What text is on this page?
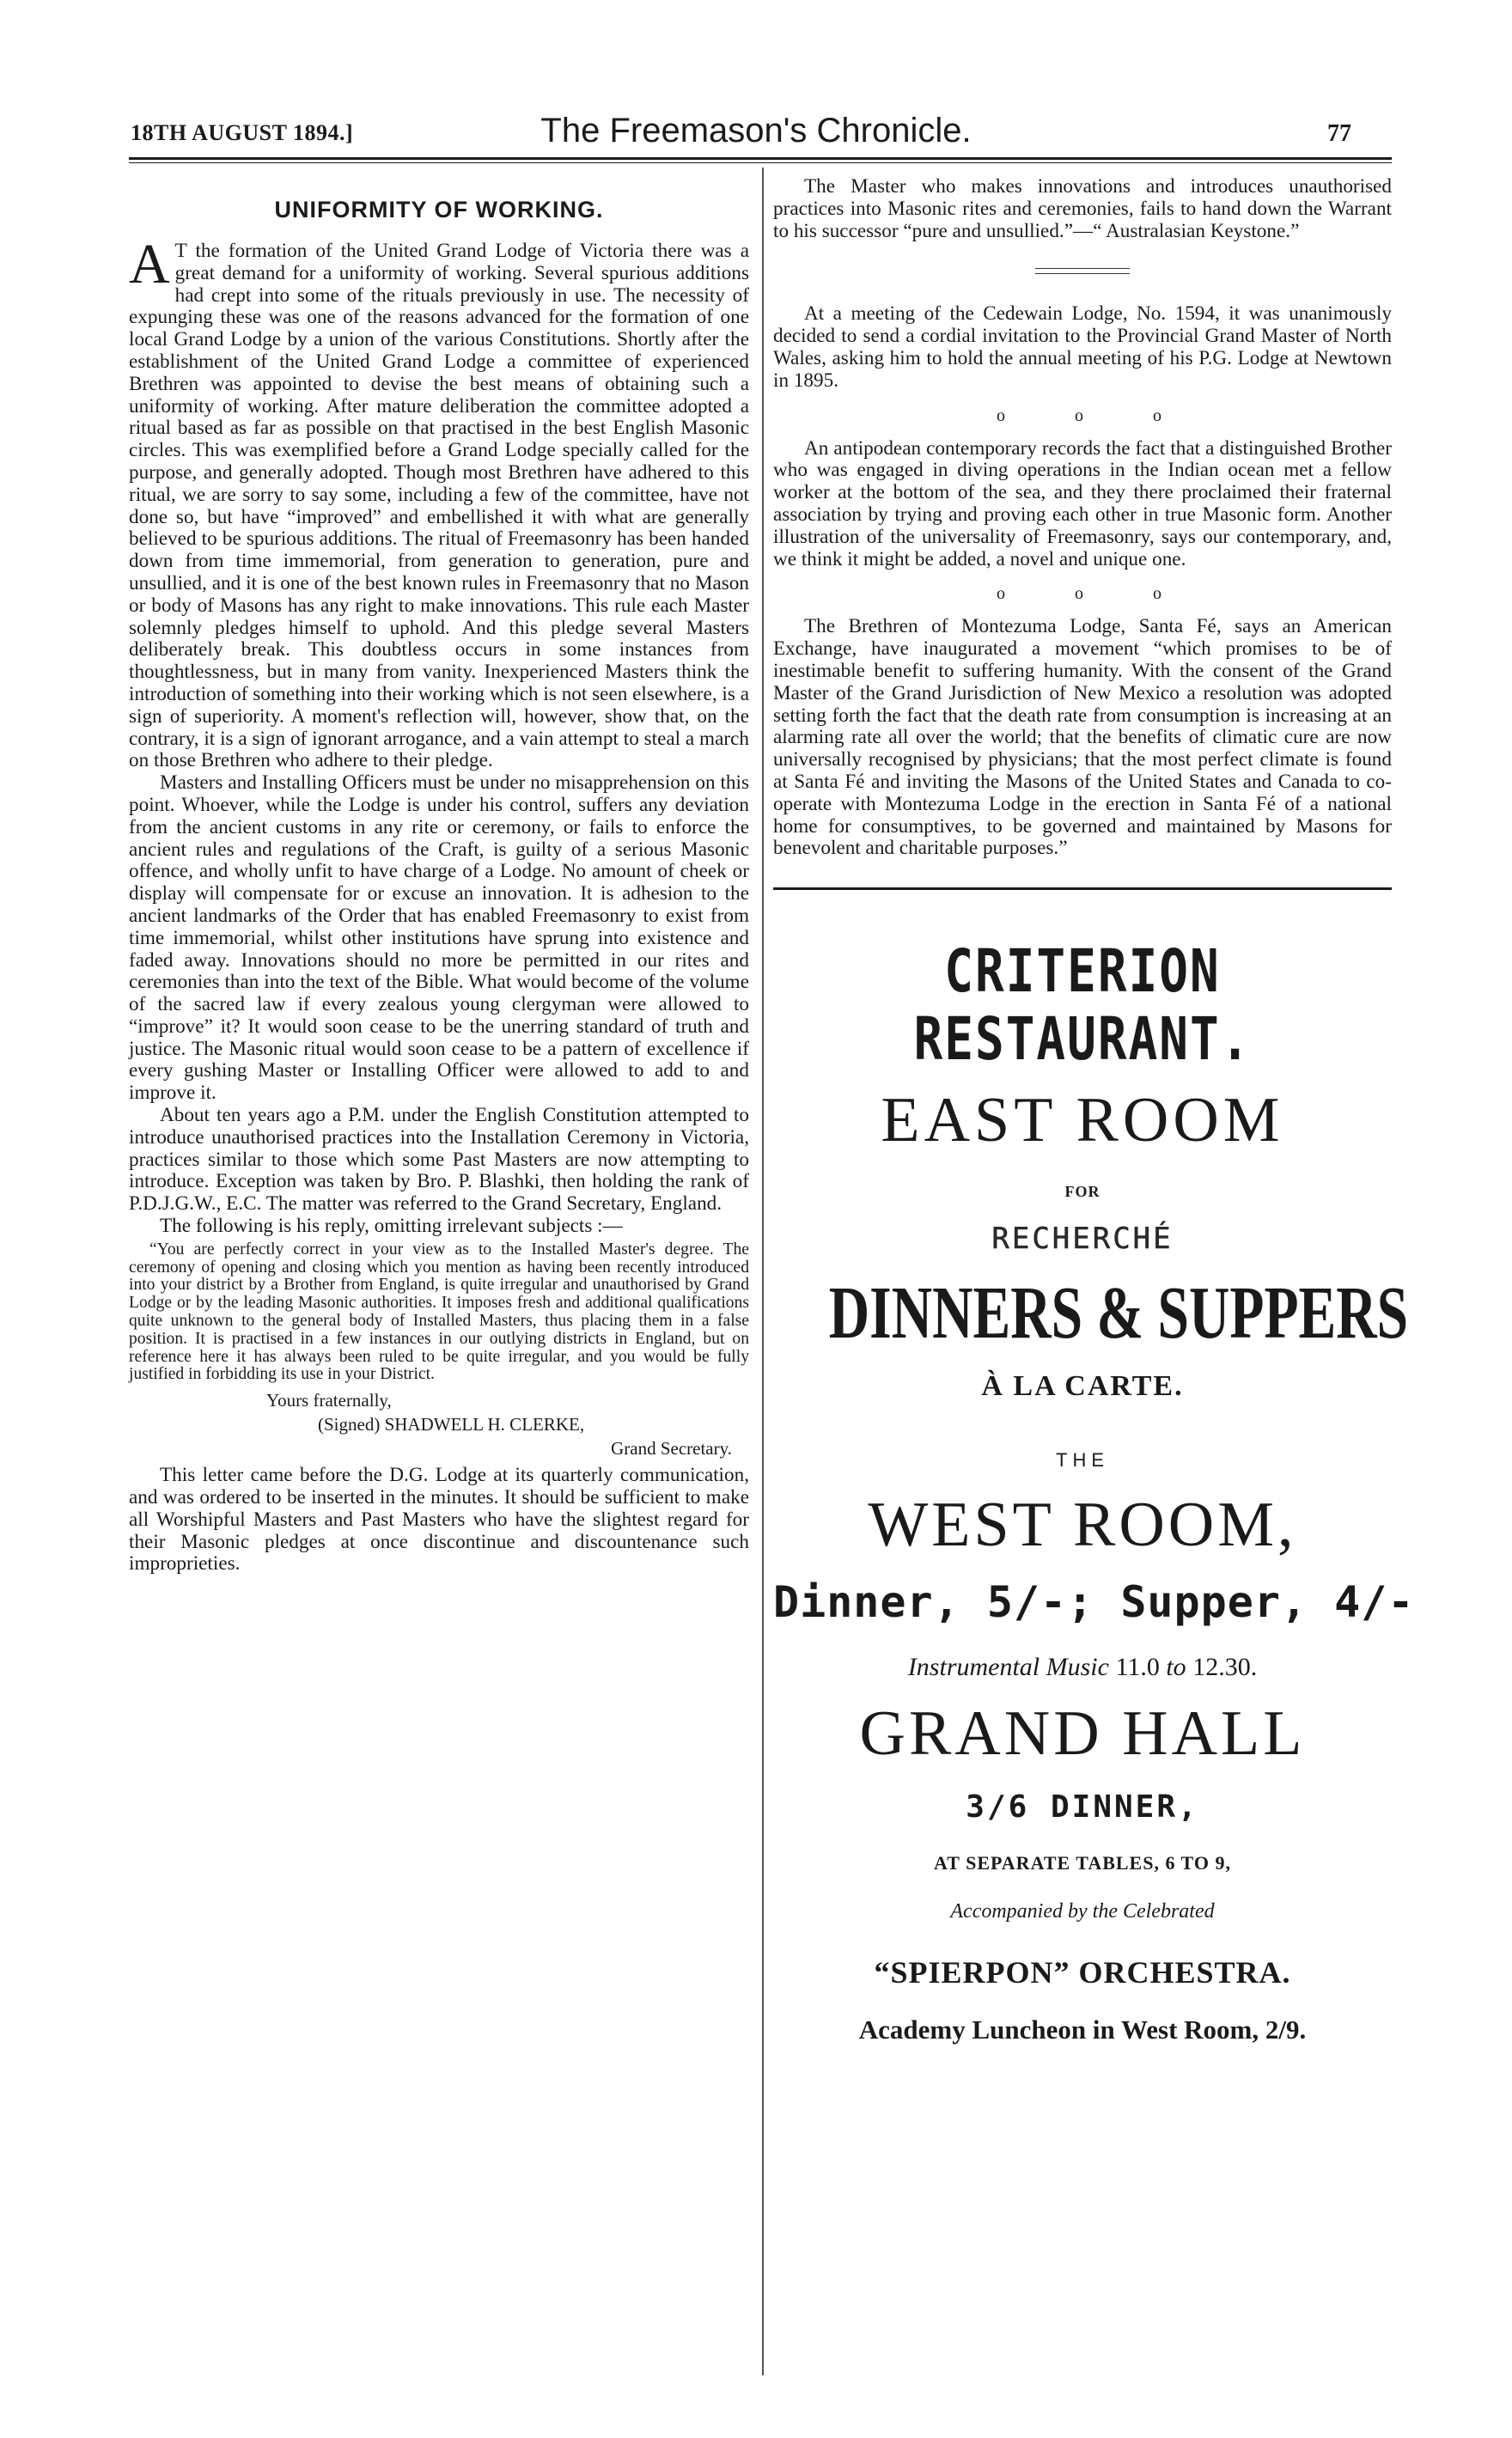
18TH AUGUST 1894.]	The Freemason's Chronicle.	77
UNIFORMITY OF WORKING.

A T the formation of the United Grand Lodge of Victoria there was a great demand for a uniformity of working. Several spurious additions had crept into some of the rituals previously in use. The necessity of expunging these was one of the reasons advanced for the formation of one local Grand Lodge by a union of the various Constitutions. Shortly after the establishment of the United Grand Lodge a committee of experienced Brethren was appointed to devise the best means of obtaining such a uniformity of working. After mature deliberation the committee adopted a ritual based as far as possible on that practised in the best English Masonic circles. This was exemplified before a Grand Lodge specially called for the purpose, and generally adopted. Though most Brethren have adhered to this ritual, we are sorry to say some, including a few of the committee, have not done so, but have “improved” and embellished it with what are generally believed to be spurious additions. The ritual of Freemasonry has been handed down from time immemorial, from generation to generation, pure and unsullied, and it is one of the best known rules in Freemasonry that no Mason or body of Masons has any right to make innovations. This rule each Master solemnly pledges himself to uphold. And this pledge several Masters deliberately break. This doubtless occurs in some instances from thoughtlessness, but in many from vanity. Inexperienced Masters think the introduction of something into their working which is not seen elsewhere, is a sign of superiority. A moment's reflection will, however, show that, on the contrary, it is a sign of ignorant arrogance, and a vain attempt to steal a march on those Brethren who adhere to their pledge.

Masters and Installing Officers must be under no misapprehension on this point. Whoever, while the Lodge is under his control, suffers any deviation from the ancient customs in any rite or ceremony, or fails to enforce the ancient rules and regulations of the Craft, is guilty of a serious Masonic offence, and wholly unfit to have charge of a Lodge. No amount of cheek or display will compensate for or excuse an innovation. It is adhesion to the ancient landmarks of the Order that has enabled Freemasonry to exist from time immemorial, whilst other institutions have sprung into existence and faded away. Innovations should no more be permitted in our rites and ceremonies than into the text of the Bible. What would become of the volume of the sacred law if every zealous young clergyman were allowed to “improve” it? It would soon cease to be the unerring standard of truth and justice. The Masonic ritual would soon cease to be a pattern of excellence if every gushing Master or Installing Officer were allowed to add to and improve it.

About ten years ago a P.M. under the English Constitution attempted to introduce unauthorised practices into the Installation Ceremony in Victoria, practices similar to those which some Past Masters are now attempting to introduce. Exception was taken by Bro. P. Blashki, then holding the rank of P.D.J.G.W., E.C. The matter was referred to the Grand Secretary, England.

The following is his reply, omitting irrelevant subjects :—

“You are perfectly correct in your view as to the Installed Master's degree. The ceremony of opening and closing which you mention as having been recently introduced into your district by a Brother from England, is quite irregular and unauthorised by Grand Lodge or by the leading Masonic authorities. It imposes fresh and additional qualifications quite unknown to the general body of Installed Masters, thus placing them in a false position. It is practised in a few instances in our outlying districts in England, but on reference here it has always been ruled to be quite irregular, and you would be fully justified in forbidding its use in your District.

Yours fraternally,
(Signed) SHADWELL H. CLERKE,
Grand Secretary.

This letter came before the D.G. Lodge at its quarterly communication, and was ordered to be inserted in the minutes. It should be sufficient to make all Worshipful Masters and Past Masters who have the slightest regard for their Masonic pledges at once discontinue and discountenance such improprieties.

The Master who makes innovations and introduces unauthorised practices into Masonic rites and ceremonies, fails to hand down the Warrant to his successor “pure and unsullied.”—“ Australasian Keystone.”

At a meeting of the Cedewain Lodge, No. 1594, it was unanimously decided to send a cordial invitation to the Provincial Grand Master of North Wales, asking him to hold the annual meeting of his P.G. Lodge at Newtown in 1895.

o o o

An antipodean contemporary records the fact that a distinguished Brother who was engaged in diving operations in the Indian ocean met a fellow worker at the bottom of the sea, and they there proclaimed their fraternal association by trying and proving each other in true Masonic form. Another illustration of the universality of Freemasonry, says our contemporary, and, we think it might be added, a novel and unique one.

o o o

The Brethren of Montezuma Lodge, Santa Fé, says an American Exchange, have inaugurated a movement “which promises to be of inestimable benefit to suffering humanity. With the consent of the Grand Master of the Grand Jurisdiction of New Mexico a resolution was adopted setting forth the fact that the death rate from consumption is increasing at an alarming rate all over the world; that the benefits of climatic cure are now universally recognised by physicians; that the most perfect climate is found at Santa Fé and inviting the Masons of the United States and Canada to co-operate with Montezuma Lodge in the erection in Santa Fé of a national home for consumptives, to be governed and maintained by Masons for benevolent and charitable purposes.”

CRITERION RESTAURANT.
EAST ROOM
FOR
RECHERCHÉ
DINNERS & SUPPERS
À LA CARTE.
THE
WEST ROOM,
Dinner, 5/-; Supper, 4/-
Instrumental Music 11.0 to 12.30.
GRAND HALL
3/6 DINNER,
AT SEPARATE TABLES, 6 TO 9,
Accompanied by the Celebrated
“SPIERPON” ORCHESTRA.
Academy Luncheon in West Room, 2/9.
